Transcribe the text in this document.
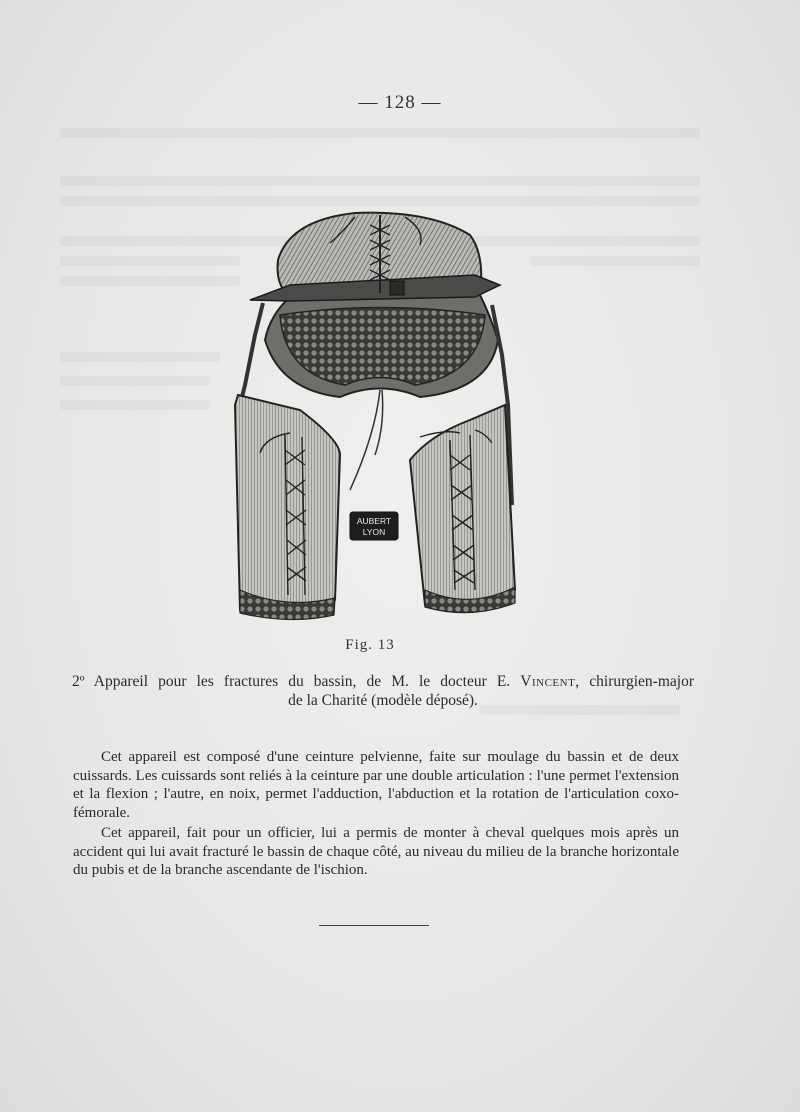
— 128 —
AUBERT
LYON
Fig. 13
2º Appareil pour les fractures du bassin, de M. le docteur E. Vincent, chirurgien-major
de la Charité (modèle déposé).

Cet appareil est composé d'une ceinture pelvienne, faite sur moulage du bassin et de deux cuissards. Les cuissards sont reliés à la ceinture par une double articulation : l'une permet l'extension et la flexion ; l'autre, en noix, permet l'adduction, l'abduction et la rotation de l'articulation coxo-fémorale.

Cet appareil, fait pour un officier, lui a permis de monter à cheval quelques mois après un accident qui lui avait fracturé le bassin de chaque côté, au niveau du milieu de la branche horizontale du pubis et de la branche ascendante de l'ischion.
